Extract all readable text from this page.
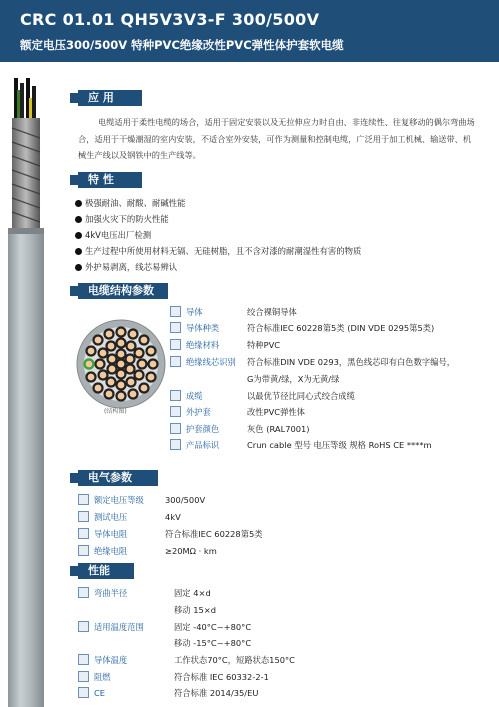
CRC 01.01 QH5V3V3-F 300/500V
额定电压300/500V 特种PVC绝缘改性PVC弹性体护套软电缆
应 用
电缆适用于柔性电缆的场合，适用于固定安装以及无拉伸应力时自由、非连续性、往复移动的偶尔弯曲场合，适用于干燥潮湿的室内安装，不适合室外安装，可作为测量和控制电缆，广泛用于加工机械、输送带、机械生产线以及钢铁中的生产线等。
特 性
极强耐油、耐酸、耐碱性能
加强火灾下的防火性能
4kV电压出厂检测
生产过程中所使用材料无镉、无硅树脂，且不含对漆的耐潮湿性有害的物质
外护易剥离，线芯易辨认
电缆结构参数
(结构图)
导体	绞合裸铜导体
导体种类	符合标准IEC 60228第5类 (DIN VDE 0295第5类)
绝缘材料	特种PVC
绝缘线芯识别 符合标准DIN VDE 0293，黑色线芯印有白色数字编号，
G为带黄/绿，X为无黄/绿
成缆	以最优节径比同心式绞合成缆
外护套	改性PVC弹性体
护套颜色	灰色 (RAL7001)
产品标识	Crun cable 型号 电压等级 规格 RoHS CE ****m
电气参数
额定电压等级	300/500V
测试电压	4kV
导体电阻	符合标准IEC 60228第5类
绝缘电阻	≥20MΩ · km
性能
弯曲半径	固定 4×d
移动 15×d
适用温度范围	固定 -40°C~+80°C
移动 -15°C~+80°C
导体温度	工作状态70°C，短路状态150°C
阻燃	符合标准 IEC 60332-2-1
CE	符合标准 2014/35/EU
